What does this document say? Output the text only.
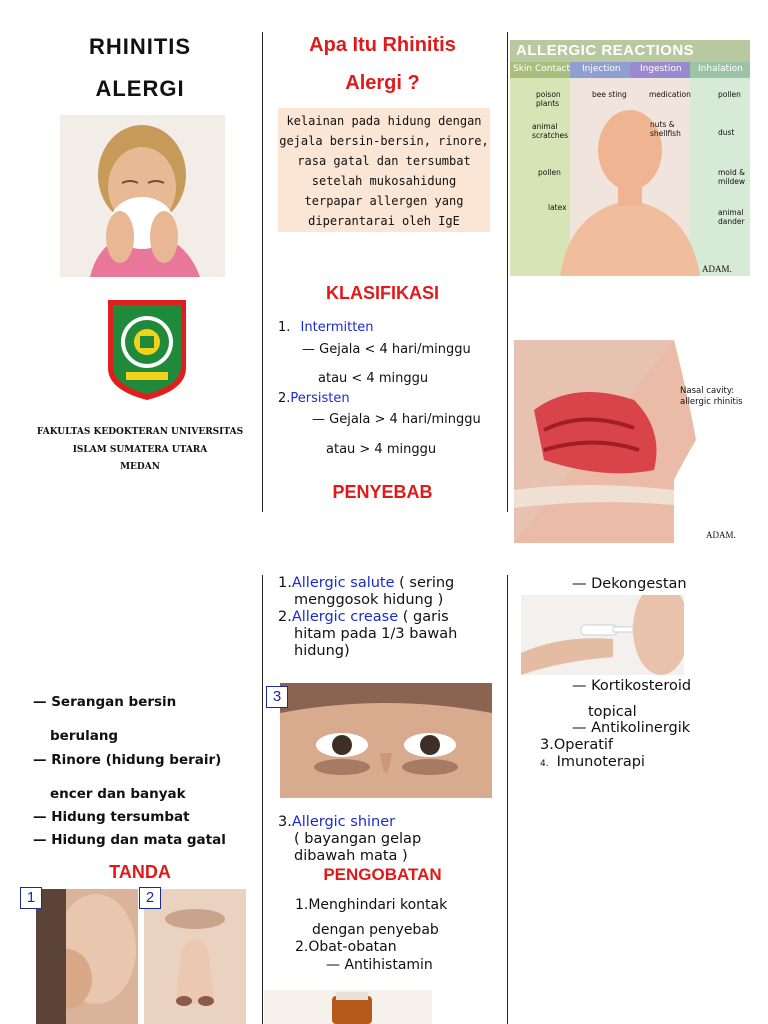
RHINITIS
ALERGI
FAKULTAS KEDOKTERAN UNIVERSITAS
ISLAM SUMATERA UTARA
MEDAN
Apa Itu Rhinitis
Alergi ?
kelainan pada hidung dengan
gejala bersin-bersin, rinore,
rasa gatal dan tersumbat
setelah mukosahidung
terpapar allergen yang
diperantarai oleh IgE
KLASIFIKASI
1. Intermitten
— Gejala < 4 hari/minggu
atau < 4 minggu
2.Persisten
— Gejala > 4 hari/minggu
atau > 4 minggu
PENYEBAB
ALLERGIC REACTIONS
Skin Contact Injection Ingestion Inhalation
poison plants
bee sting	medication	pollen
nuts & shellfish
animal scratches	dust
pollen	mold & mildew
latex
animal dander
ADAM.
Nasal cavity: allergic rhinitis
ADAM.
— Serangan bersin
berulang
— Rinore (hidung berair)
encer dan banyak
— Hidung tersumbat
— Hidung dan mata gatal
TANDA
1	2
1.Allergic salute ( sering
menggosok hidung )
2.Allergic crease ( garis
hitam pada 1/3 bawah
hidung)
3
3.Allergic shiner
( bayangan gelap
dibawah mata )
PENGOBATAN
1.Menghindari kontak
dengan penyebab
2.Obat-obatan
— Antihistamin
— Dekongestan
— Kortikosteroid
topical
— Antikolinergik
3.Operatif
4. Imunoterapi
